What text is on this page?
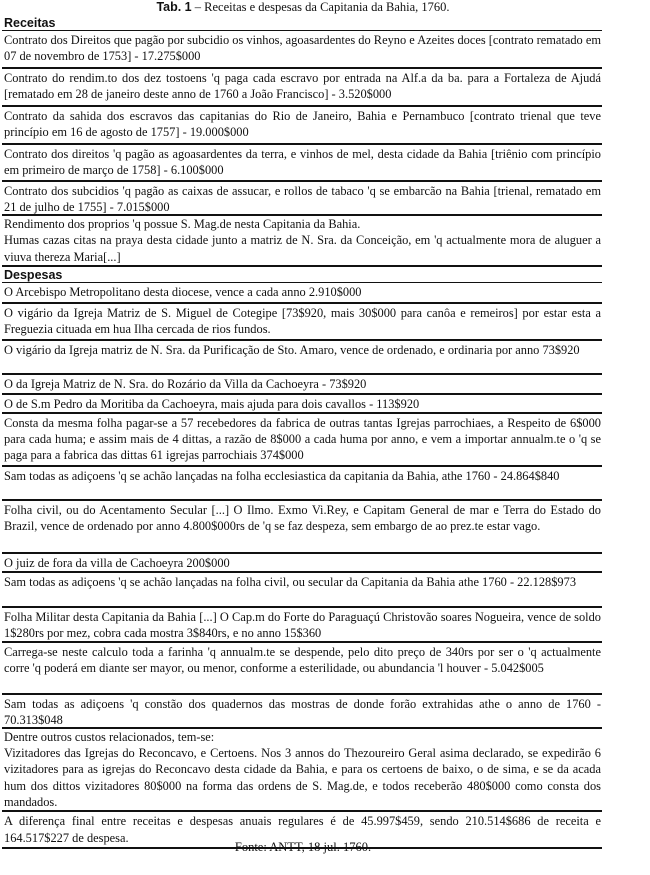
Tab. 1 – Receitas e despesas da Capitania da Bahia, 1760.
Receitas
Contrato dos Direitos que pagão por subcidio os vinhos, agoasardentes do Reyno e Azeites doces [contrato rematado em 07 de novembro de 1753] - 17.275$000
Contrato do rendim.to dos dez tostoens 'q paga cada escravo por entrada na Alf.a da ba. para a Fortaleza de Ajudá [rematado em 28 de janeiro deste anno de 1760 a João Francisco] - 3.520$000
Contrato da sahida dos escravos das capitanias do Rio de Janeiro, Bahia e Pernambuco [contrato trienal que teve princípio em 16 de agosto de 1757] - 19.000$000
Contrato dos direitos 'q pagão as agoasardentes da terra, e vinhos de mel, desta cidade da Bahia [triênio com princípio em primeiro de março de 1758] - 6.100$000
Contrato dos subcidios 'q pagão as caixas de assucar, e rollos de tabaco 'q se embarcão na Bahia [trienal, rematado em 21 de julho de 1755] - 7.015$000
Rendimento dos proprios 'q possue S. Mag.de nesta Capitania da Bahia.
Humas cazas citas na praya desta cidade junto a matriz de N. Sra. da Conceição, em 'q actualmente mora de aluguer a viuva thereza Maria[...]
Despesas
O Arcebispo Metropolitano desta diocese, vence a cada anno 2.910$000
O vigário da Igreja Matriz de S. Miguel de Cotegipe [73$920, mais 30$000 para canôa e remeiros] por estar esta a Freguezia cituada em hua Ilha cercada de rios fundos.
O vigário da Igreja matriz de N. Sra. da Purificação de Sto. Amaro, vence de ordenado, e ordinaria por anno 73$920
O da Igreja Matriz de N. Sra. do Rozário da Villa da Cachoeyra - 73$920
O de S.m Pedro da Moritiba da Cachoeyra, mais ajuda para dois cavallos - 113$920
Consta da mesma folha pagar-se a 57 recebedores da fabrica de outras tantas Igrejas parrochiaes, a Respeito de 6$000 para cada huma; e assim mais de 4 dittas, a razão de 8$000 a cada huma por anno, e vem a importar annualm.te o 'q se paga para a fabrica das dittas 61 igrejas parrochiais 374$000
Sam todas as adiçoens 'q se achão lançadas na folha ecclesiastica da capitania da Bahia, athe 1760 - 24.864$840
Folha civil, ou do Acentamento Secular [...] O Ilmo. Exmo Vi.Rey, e Capitam General de mar e Terra do Estado do Brazil, vence de ordenado por anno 4.800$000rs de 'q se faz despeza, sem embargo de ao prez.te estar vago.
O juiz de fora da villa de Cachoeyra 200$000
Sam todas as adiçoens 'q se achão lançadas na folha civil, ou secular da Capitania da Bahia athe 1760 - 22.128$973
Folha Militar desta Capitania da Bahia [...] O Cap.m do Forte do Paraguaçú Christovão soares Nogueira, vence de soldo 1$280rs por mez, cobra cada mostra 3$840rs, e no anno 15$360
Carrega-se neste calculo toda a farinha 'q annualm.te se despende, pelo dito preço de 340rs por ser o 'q actualmente corre 'q poderá em diante ser mayor, ou menor, conforme a esterilidade, ou abundancia 'l houver - 5.042$005
Sam todas as adiçoens 'q constão dos quadernos das mostras de donde forão extrahidas athe o anno de 1760 - 70.313$048
Dentre outros custos relacionados, tem-se:
Vizitadores das Igrejas do Reconcavo, e Certoens. Nos 3 annos do Thezoureiro Geral asima declarado, se expedirão 6 vizitadores para as igrejas do Reconcavo desta cidade da Bahia, e para os certoens de baixo, o de sima, e se da acada hum dos dittos vizitadores 80$000 na forma das ordens de S. Mag.de, e todos receberão 480$000 como consta dos mandados.
A diferença final entre receitas e despesas anuais regulares é de 45.997$459, sendo 210.514$686 de receita e 164.517$227 de despesa.
Fonte: ANTT, 18 jul. 1760.
